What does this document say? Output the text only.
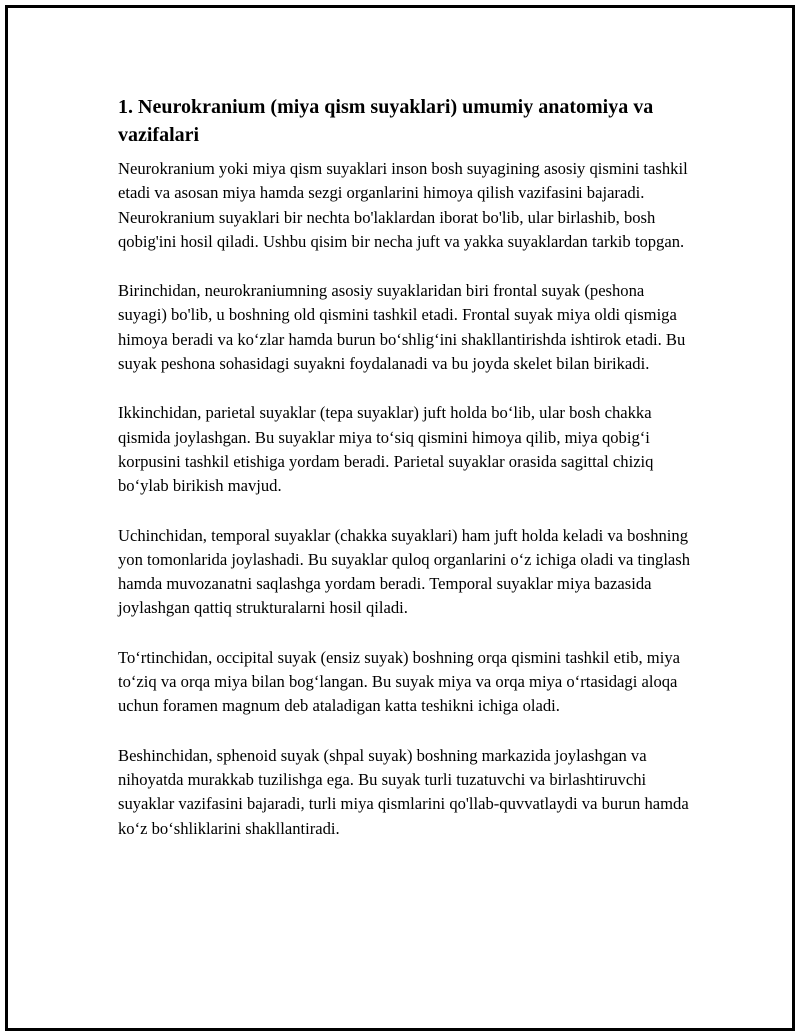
1. Neurokranium (miya qism suyaklari) umumiy anatomiya va vazifalari

Neurokranium yoki miya qism suyaklari inson bosh suyagining asosiy qismini tashkil etadi va asosan miya hamda sezgi organlarini himoya qilish vazifasini bajaradi. Neurokranium suyaklari bir nechta bo'laklardan iborat bo'lib, ular birlashib, bosh qobig'ini hosil qiladi. Ushbu qisim bir necha juft va yakka suyaklardan tarkib topgan.

Birinchidan, neurokraniumning asosiy suyaklaridan biri frontal suyak (peshona suyagi) bo'lib, u boshning old qismini tashkil etadi. Frontal suyak miya oldi qismiga himoya beradi va ko‘zlar hamda burun bo‘shlig‘ini shakllantirishda ishtirok etadi. Bu suyak peshona sohasidagi suyakni foydalanadi va bu joyda skelet bilan birikadi.

Ikkinchidan, parietal suyaklar (tepa suyaklar) juft holda bo‘lib, ular bosh chakka qismida joylashgan. Bu suyaklar miya to‘siq qismini himoya qilib, miya qobig‘i korpusini tashkil etishiga yordam beradi. Parietal suyaklar orasida sagittal chiziq bo‘ylab birikish mavjud.

Uchinchidan, temporal suyaklar (chakka suyaklari) ham juft holda keladi va boshning yon tomonlarida joylashadi. Bu suyaklar quloq organlarini o‘z ichiga oladi va tinglash hamda muvozanatni saqlashga yordam beradi. Temporal suyaklar miya bazasida joylashgan qattiq strukturalarni hosil qiladi.

To‘rtinchidan, occipital suyak (ensiz suyak) boshning orqa qismini tashkil etib, miya to‘ziq va orqa miya bilan bog‘langan. Bu suyak miya va orqa miya o‘rtasidagi aloqa uchun foramen magnum deb ataladigan katta teshikni ichiga oladi.

Beshinchidan, sphenoid suyak (shpal suyak) boshning markazida joylashgan va nihoyatda murakkab tuzilishga ega. Bu suyak turli tuzatuvchi va birlashtiruvchi suyaklar vazifasini bajaradi, turli miya qismlarini qo'llab-quvvatlaydi va burun hamda ko‘z bo‘shliklarini shakllantiradi.
